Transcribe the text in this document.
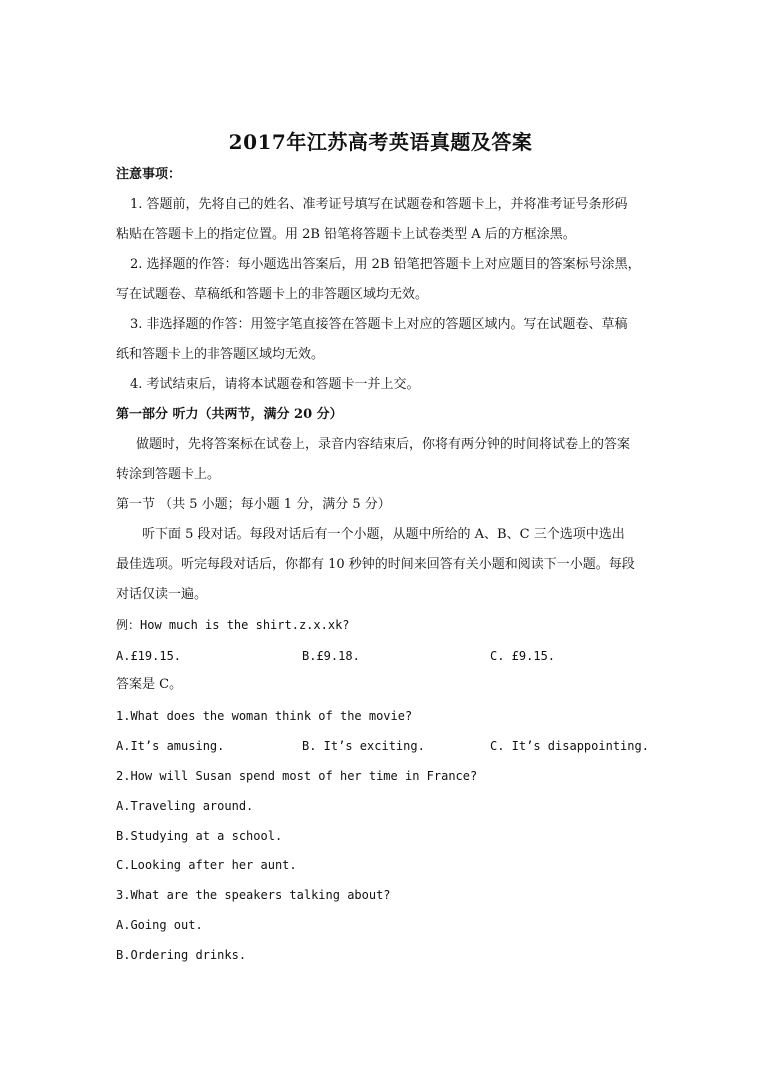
2017年江苏高考英语真题及答案
注意事项：
1. 答题前，先将自己的姓名、准考证号填写在试题卷和答题卡上，并将准考证号条形码
粘贴在答题卡上的指定位置。用 2B 铅笔将答题卡上试卷类型 A 后的方框涂黑。
2. 选择题的作答：每小题选出答案后，用 2B 铅笔把答题卡上对应题目的答案标号涂黑，
写在试题卷、草稿纸和答题卡上的非答题区域均无效。
3. 非选择题的作答：用签字笔直接答在答题卡上对应的答题区域内。写在试题卷、草稿
纸和答题卡上的非答题区域均无效。
4. 考试结束后，请将本试题卷和答题卡一并上交。
第一部分 听力（共两节，满分 20 分）
做题时，先将答案标在试卷上，录音内容结束后，你将有两分钟的时间将试卷上的答案
转涂到答题卡上。
第一节 （共 5 小题；每小题 1 分，满分 5 分）
听下面 5 段对话。每段对话后有一个小题，从题中所给的 A、B、C 三个选项中选出
最佳选项。听完每段对话后，你都有 10 秒钟的时间来回答有关小题和阅读下一小题。每段
对话仅读一遍。
例：How much is the shirt.z.x.xk?
A.£19.15.	B.£9.18.	C. £9.15.
答案是 C。
1.What does the woman think of the movie?
A.It’s amusing.	B. It’s exciting.	C. It’s disappointing.
2.How will Susan spend most of her time in France?
A.Traveling around.
B.Studying at a school.
C.Looking after her aunt.
3.What are the speakers talking about?
A.Going out.
B.Ordering drinks.
